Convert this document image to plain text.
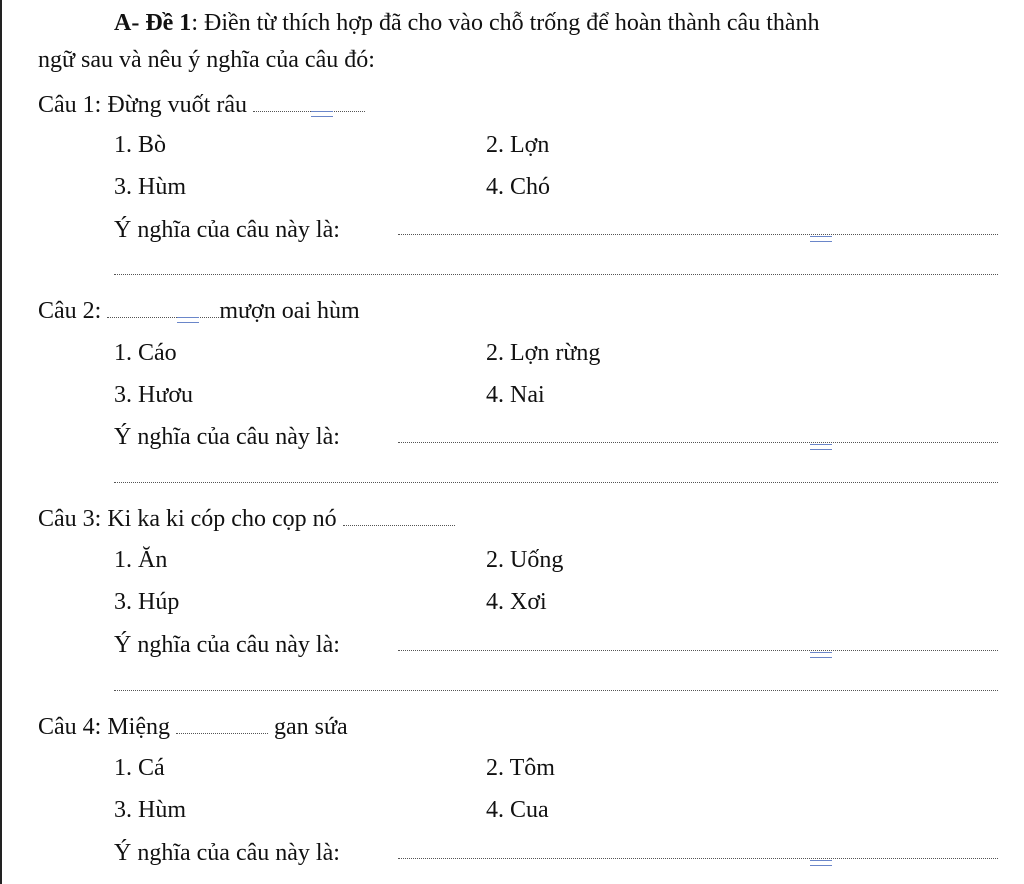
A- Đề 1: Điền từ thích hợp đã cho vào chỗ trống để hoàn thành câu thành
ngữ sau và nêu ý nghĩa của câu đó:
Câu 1: Đừng vuốt râu
1. Bò	2. Lợn
3. Hùm	4. Chó
Ý nghĩa của câu này là:
Câu 2:	mượn oai hùm
1. Cáo	2. Lợn rừng
3. Hươu	4. Nai
Ý nghĩa của câu này là:
Câu 3: Ki ka ki cóp cho cọp nó
1. Ăn	2. Uống
3. Húp	4. Xơi
Ý nghĩa của câu này là:
Câu 4: Miệng	gan sứa
1. Cá	2. Tôm
3. Hùm	4. Cua
Ý nghĩa của câu này là:
